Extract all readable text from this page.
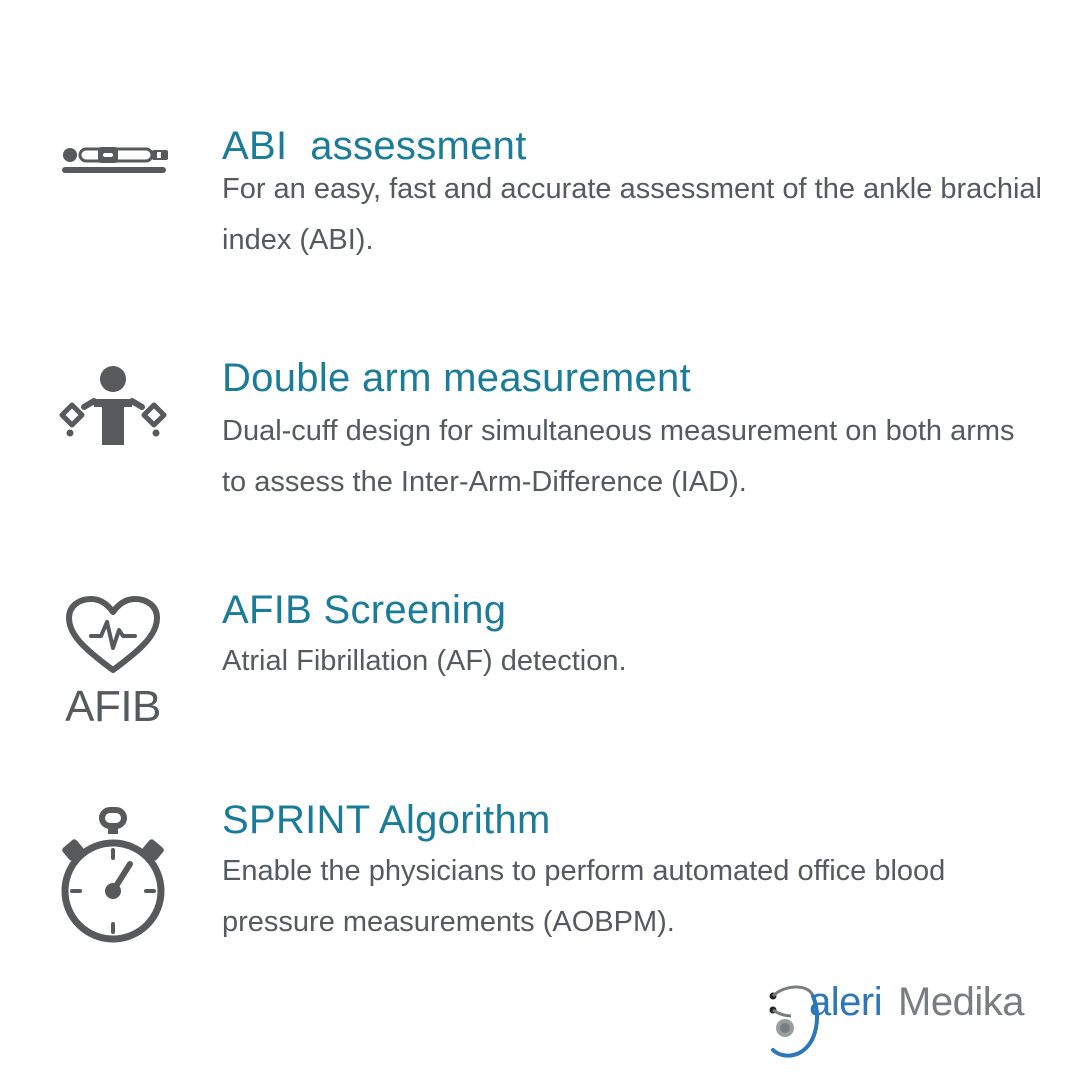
ABI  assessment

For an easy, fast and accurate assessment of the ankle brachial index (ABI).

Double arm measurement

Dual-cuff design for simultaneous measurement on both arms to assess the Inter-Arm-Difference (IAD).

AFIB
AFIB Screening

Atrial Fibrillation (AF) detection.

SPRINT Algorithm

Enable the physicians to perform automated office blood pressure measurements (AOBPM).

aleri Medika
